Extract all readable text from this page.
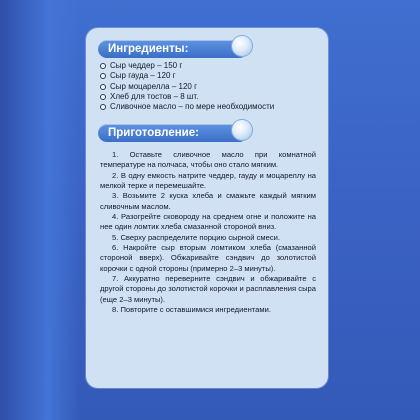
Ингредиенты:
Сыр чеддер – 150 г
Сыр гауда – 120 г
Сыр моцарелла – 120 г
Хлеб для тостов – 8 шт.
Сливочное масло – по мере необходимости
Приготовление:
1. Оставьте сливочное масло при комнатной температуре на полчаса, чтобы оно стало мягким.
2. В одну емкость натрите чеддер, гауду и моцареллу на мелкой терке и перемешайте.
3. Возьмите 2 куска хлеба и смажьте каждый мягким сливочным маслом.
4. Разогрейте сковороду на среднем огне и положите на нее один ломтик хлеба смазанной стороной вниз.
5. Сверху распределите порцию сырной смеси.
6. Накройте сыр вторым ломтиком хлеба (смазанной стороной вверх). Обжаривайте сэндвич до золотистой корочки с одной стороны (примерно 2–3 минуты).
7. Аккуратно переверните сэндвич и обжаривайте с другой стороны до золотистой корочки и расплавления сыра (еще 2–3 минуты).
8. Повторите с оставшимися ингредиентами.
